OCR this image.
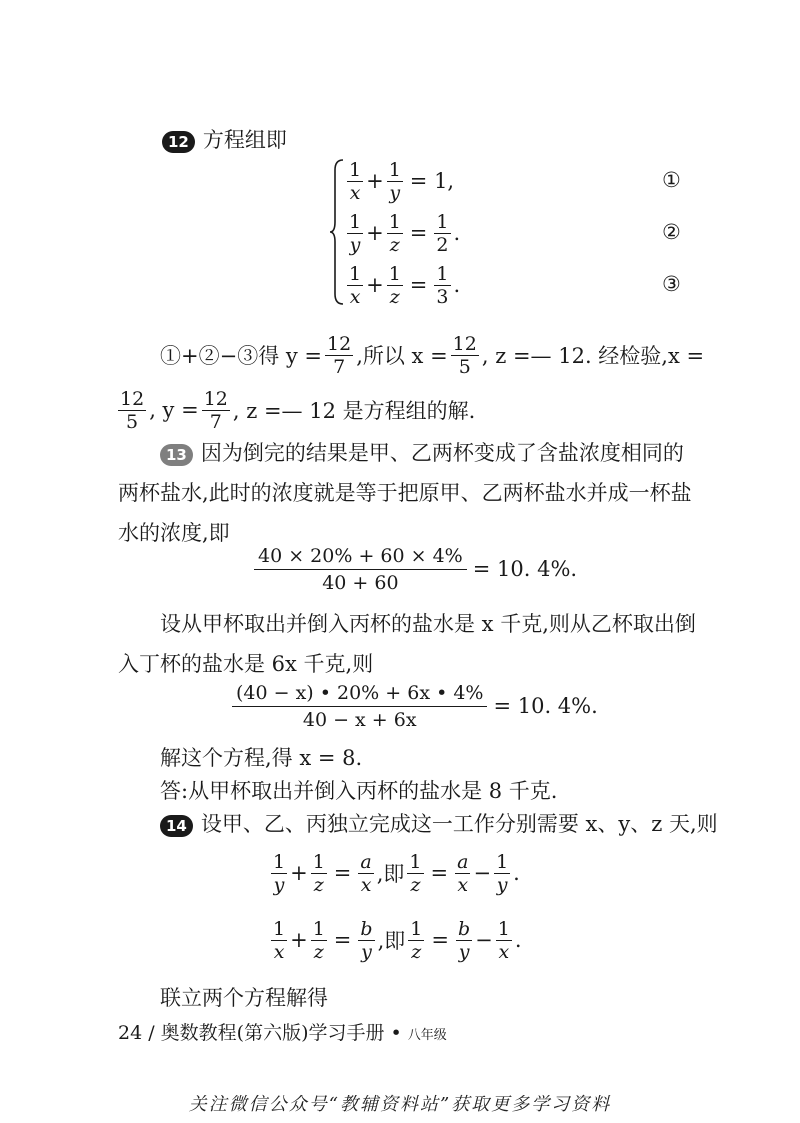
12 方程组即
$\frac{1}{x} + \frac{1}{y} = 1$,	①
$\frac{1}{y} + \frac{1}{z} = \frac{1}{2}$ .	②
$\frac{1}{x} + \frac{1}{z} = \frac{1}{3}$ .	③
①+②−③得 $y = \frac{12}{7}$ ,所以 $x = \frac{12}{5}$ , z =— 12. 经检验,x =
$\frac{12}{5}$ , $y = \frac{12}{7}$ , z =— 12 是方程组的解.
13 因为倒完的结果是甲、乙两杯变成了含盐浓度相同的两杯盐水,此时的浓度就是等于把原甲、乙两杯盐水并成一杯盐水的浓度,即
$\frac{40 \times 20\% + 60 \times 4\%}{40 + 60} = 10$. 4%.
设从甲杯取出并倒入丙杯的盐水是 x 千克,则从乙杯取出倒入丁杯的盐水是 6x 千克,则
$\frac{(40 - x) • 20\% + 6x • 4\%}{40 - x + 6x} = 10$. 4%.
解这个方程,得 x = 8.
答:从甲杯取出并倒入丙杯的盐水是 8 千克.
14 设甲、乙、丙独立完成这一工作分别需要 x、y、z 天,则
$\frac{1}{y} + \frac{1}{z} = \frac{a}{x}$ ,即 $\frac{1}{z} = \frac{a}{x} - \frac{1}{y}$ .
$\frac{1}{x} + \frac{1}{z} = \frac{b}{y}$ ,即 $\frac{1}{z} = \frac{b}{y} - \frac{1}{x}$ .
联立两个方程解得
24 / 奥数教程(第六版)学习手册 • 八年级
关注微信公众号“教辅资料站”获取更多学习资料
